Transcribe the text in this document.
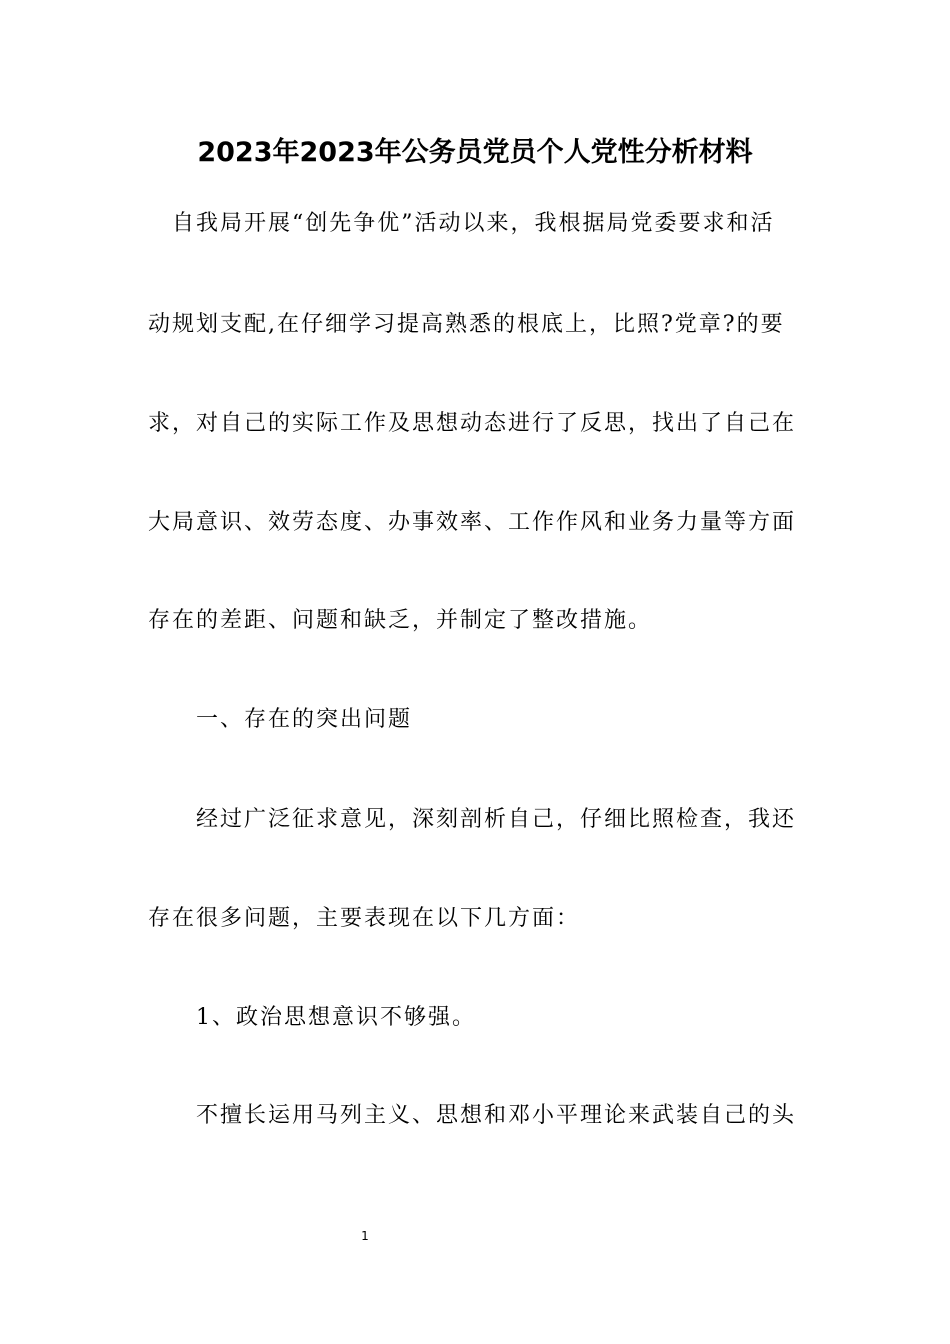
2023年2023年公务员党员个人党性分析材料
　自我局开展“创先争优”活动以来，我根据局党委要求和活
动规划支配,在仔细学习提高熟悉的根底上，比照?党章?的要
求，对自己的实际工作及思想动态进行了反思，找出了自己在
大局意识、效劳态度、办事效率、工作作风和业务力量等方面
存在的差距、问题和缺乏，并制定了整改措施。
　　一、存在的突出问题
　　经过广泛征求意见，深刻剖析自己，仔细比照检查，我还
存在很多问题，主要表现在以下几方面：
　　1、政治思想意识不够强。
　　不擅长运用马列主义、思想和邓小平理论来武装自己的头
1
